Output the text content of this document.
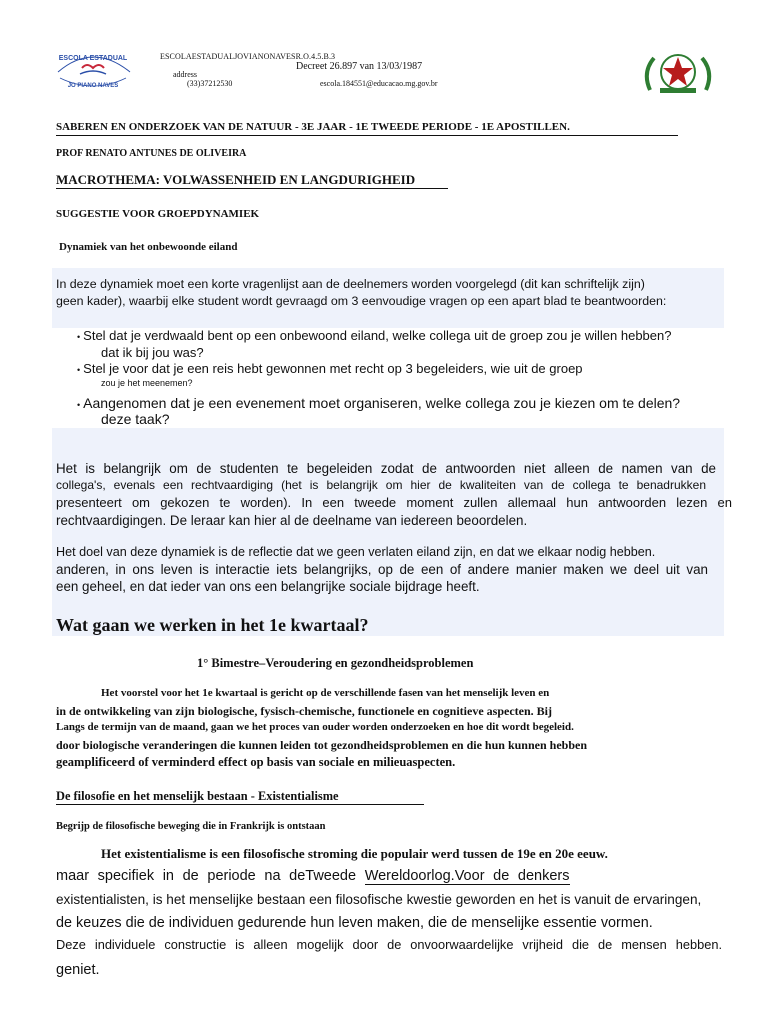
ESCOLA ESTADUAL
JO PIANO NAVES
ESCOLAESTADUALJOVIANONAVESR.O.4.5.B.3
Decreet 26.897 van 13/03/1987
address
(33)37212530	escola.184551@educacao.mg.gov.br
SABEREN EN ONDERZOEK VAN DE NATUUR - 3E JAAR - 1E TWEEDE PERIODE - 1E APOSTILLEN.
PROF RENATO ANTUNES DE OLIVEIRA
MACROTHEMA: VOLWASSENHEID EN LANGDURIGHEID
SUGGESTIE VOOR GROEPDYNAMIEK
Dynamiek van het onbewoonde eiland
In deze dynamiek moet een korte vragenlijst aan de deelnemers worden voorgelegd (dit kan schriftelijk zijn)
geen kader), waarbij elke student wordt gevraagd om 3 eenvoudige vragen op een apart blad te beantwoorden:
• Stel dat je verdwaald bent op een onbewoond eiland, welke collega uit de groep zou je willen hebben?
dat ik bij jou was?
• Stel je voor dat je een reis hebt gewonnen met recht op 3 begeleiders, wie uit de groep
zou je het meenemen?
• Aangenomen dat je een evenement moet organiseren, welke collega zou je kiezen om te delen?
deze taak?
Het is belangrijk om de studenten te begeleiden zodat de antwoorden niet alleen de namen van de
collega's, evenals een rechtvaardiging (het is belangrijk om hier de kwaliteiten van de collega te benadrukken
presenteert om gekozen te worden). In een tweede moment zullen allemaal hun antwoorden lezen en
rechtvaardigingen. De leraar kan hier al de deelname van iedereen beoordelen.
Het doel van deze dynamiek is de reflectie dat we geen verlaten eiland zijn, en dat we elkaar nodig hebben.
anderen, in ons leven is interactie iets belangrijks, op de een of andere manier maken we deel uit van
een geheel, en dat ieder van ons een belangrijke sociale bijdrage heeft.
Wat gaan we werken in het 1e kwartaal?
1° Bimestre–Veroudering en gezondheidsproblemen
Het voorstel voor het 1e kwartaal is gericht op de verschillende fasen van het menselijk leven en
in de ontwikkeling van zijn biologische, fysisch-chemische, functionele en cognitieve aspecten. Bij
Langs de termijn van de maand, gaan we het proces van ouder worden onderzoeken en hoe dit wordt begeleid.
door biologische veranderingen die kunnen leiden tot gezondheidsproblemen en die hun kunnen hebben
geamplificeerd of verminderd effect op basis van sociale en milieuaspecten.
De filosofie en het menselijk bestaan - Existentialisme
Begrijp de filosofische beweging die in Frankrijk is ontstaan
Het existentialisme is een filosofische stroming die populair werd tussen de 19e en 20e eeuw.
maar specifiek in de periode na deTweede Wereldoorlog.Voor de denkers
existentialisten, is het menselijke bestaan een filosofische kwestie geworden en het is vanuit de ervaringen,
de keuzes die de individuen gedurende hun leven maken, die de menselijke essentie vormen.
Deze individuele constructie is alleen mogelijk door de onvoorwaardelijke vrijheid die de mensen hebben.
geniet.
